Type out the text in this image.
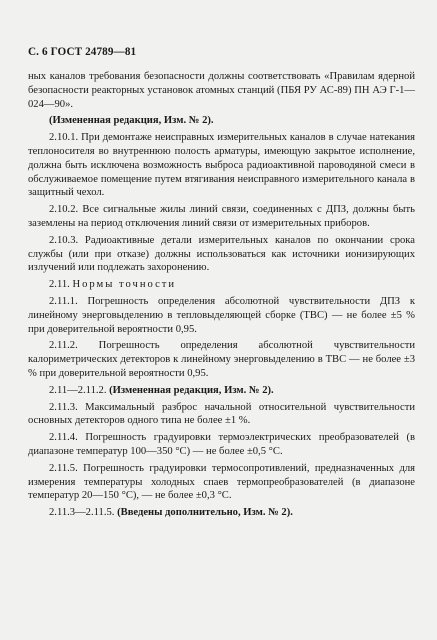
С. 6 ГОСТ 24789—81

ных каналов требования безопасности должны соответствовать «Правилам ядерной безопасности реакторных установок атомных станций (ПБЯ РУ АС-89) ПН АЭ Г-1—024—90».

(Измененная редакция, Изм. № 2).

2.10.1. При демонтаже неисправных измерительных каналов в случае натекания теплоносителя во внутреннюю полость арматуры, имеющую закрытое исполнение, должна быть исключена возможность выброса радиоактивной пароводяной смеси в обслуживаемое помещение путем втягивания неисправного измерительного канала в защитный чехол.

2.10.2. Все сигнальные жилы линий связи, соединенных с ДПЗ, должны быть заземлены на период отключения линий связи от измерительных приборов.

2.10.3. Радиоактивные детали измерительных каналов по окончании срока службы (или при отказе) должны использоваться как источники ионизирующих излучений или подлежать захоронению.

2.11. Нормы точности

2.11.1. Погрешность определения абсолютной чувствительности ДПЗ к линейному энерговыделению в тепловыделяющей сборке (ТВС) — не более ±5 % при доверительной вероятности 0,95.

2.11.2. Погрешность определения абсолютной чувствительности калориметрических детекторов к линейному энерговыделению в ТВС — не более ±3 % при доверительной вероятности 0,95.

2.11—2.11.2. (Измененная редакция, Изм. № 2).

2.11.3. Максимальный разброс начальной относительной чувствительности основных детекторов одного типа не более ±1 %.

2.11.4. Погрешность градуировки термоэлектрических преобразователей (в диапазоне температур 100—350 °С) — не более ±0,5 °С.

2.11.5. Погрешность градуировки термосопротивлений, предназначенных для измерения температуры холодных спаев термопреобразователей (в диапазоне температур 20—150 °С), — не более ±0,3 °С.

2.11.3—2.11.5. (Введены дополнительно, Изм. № 2).
